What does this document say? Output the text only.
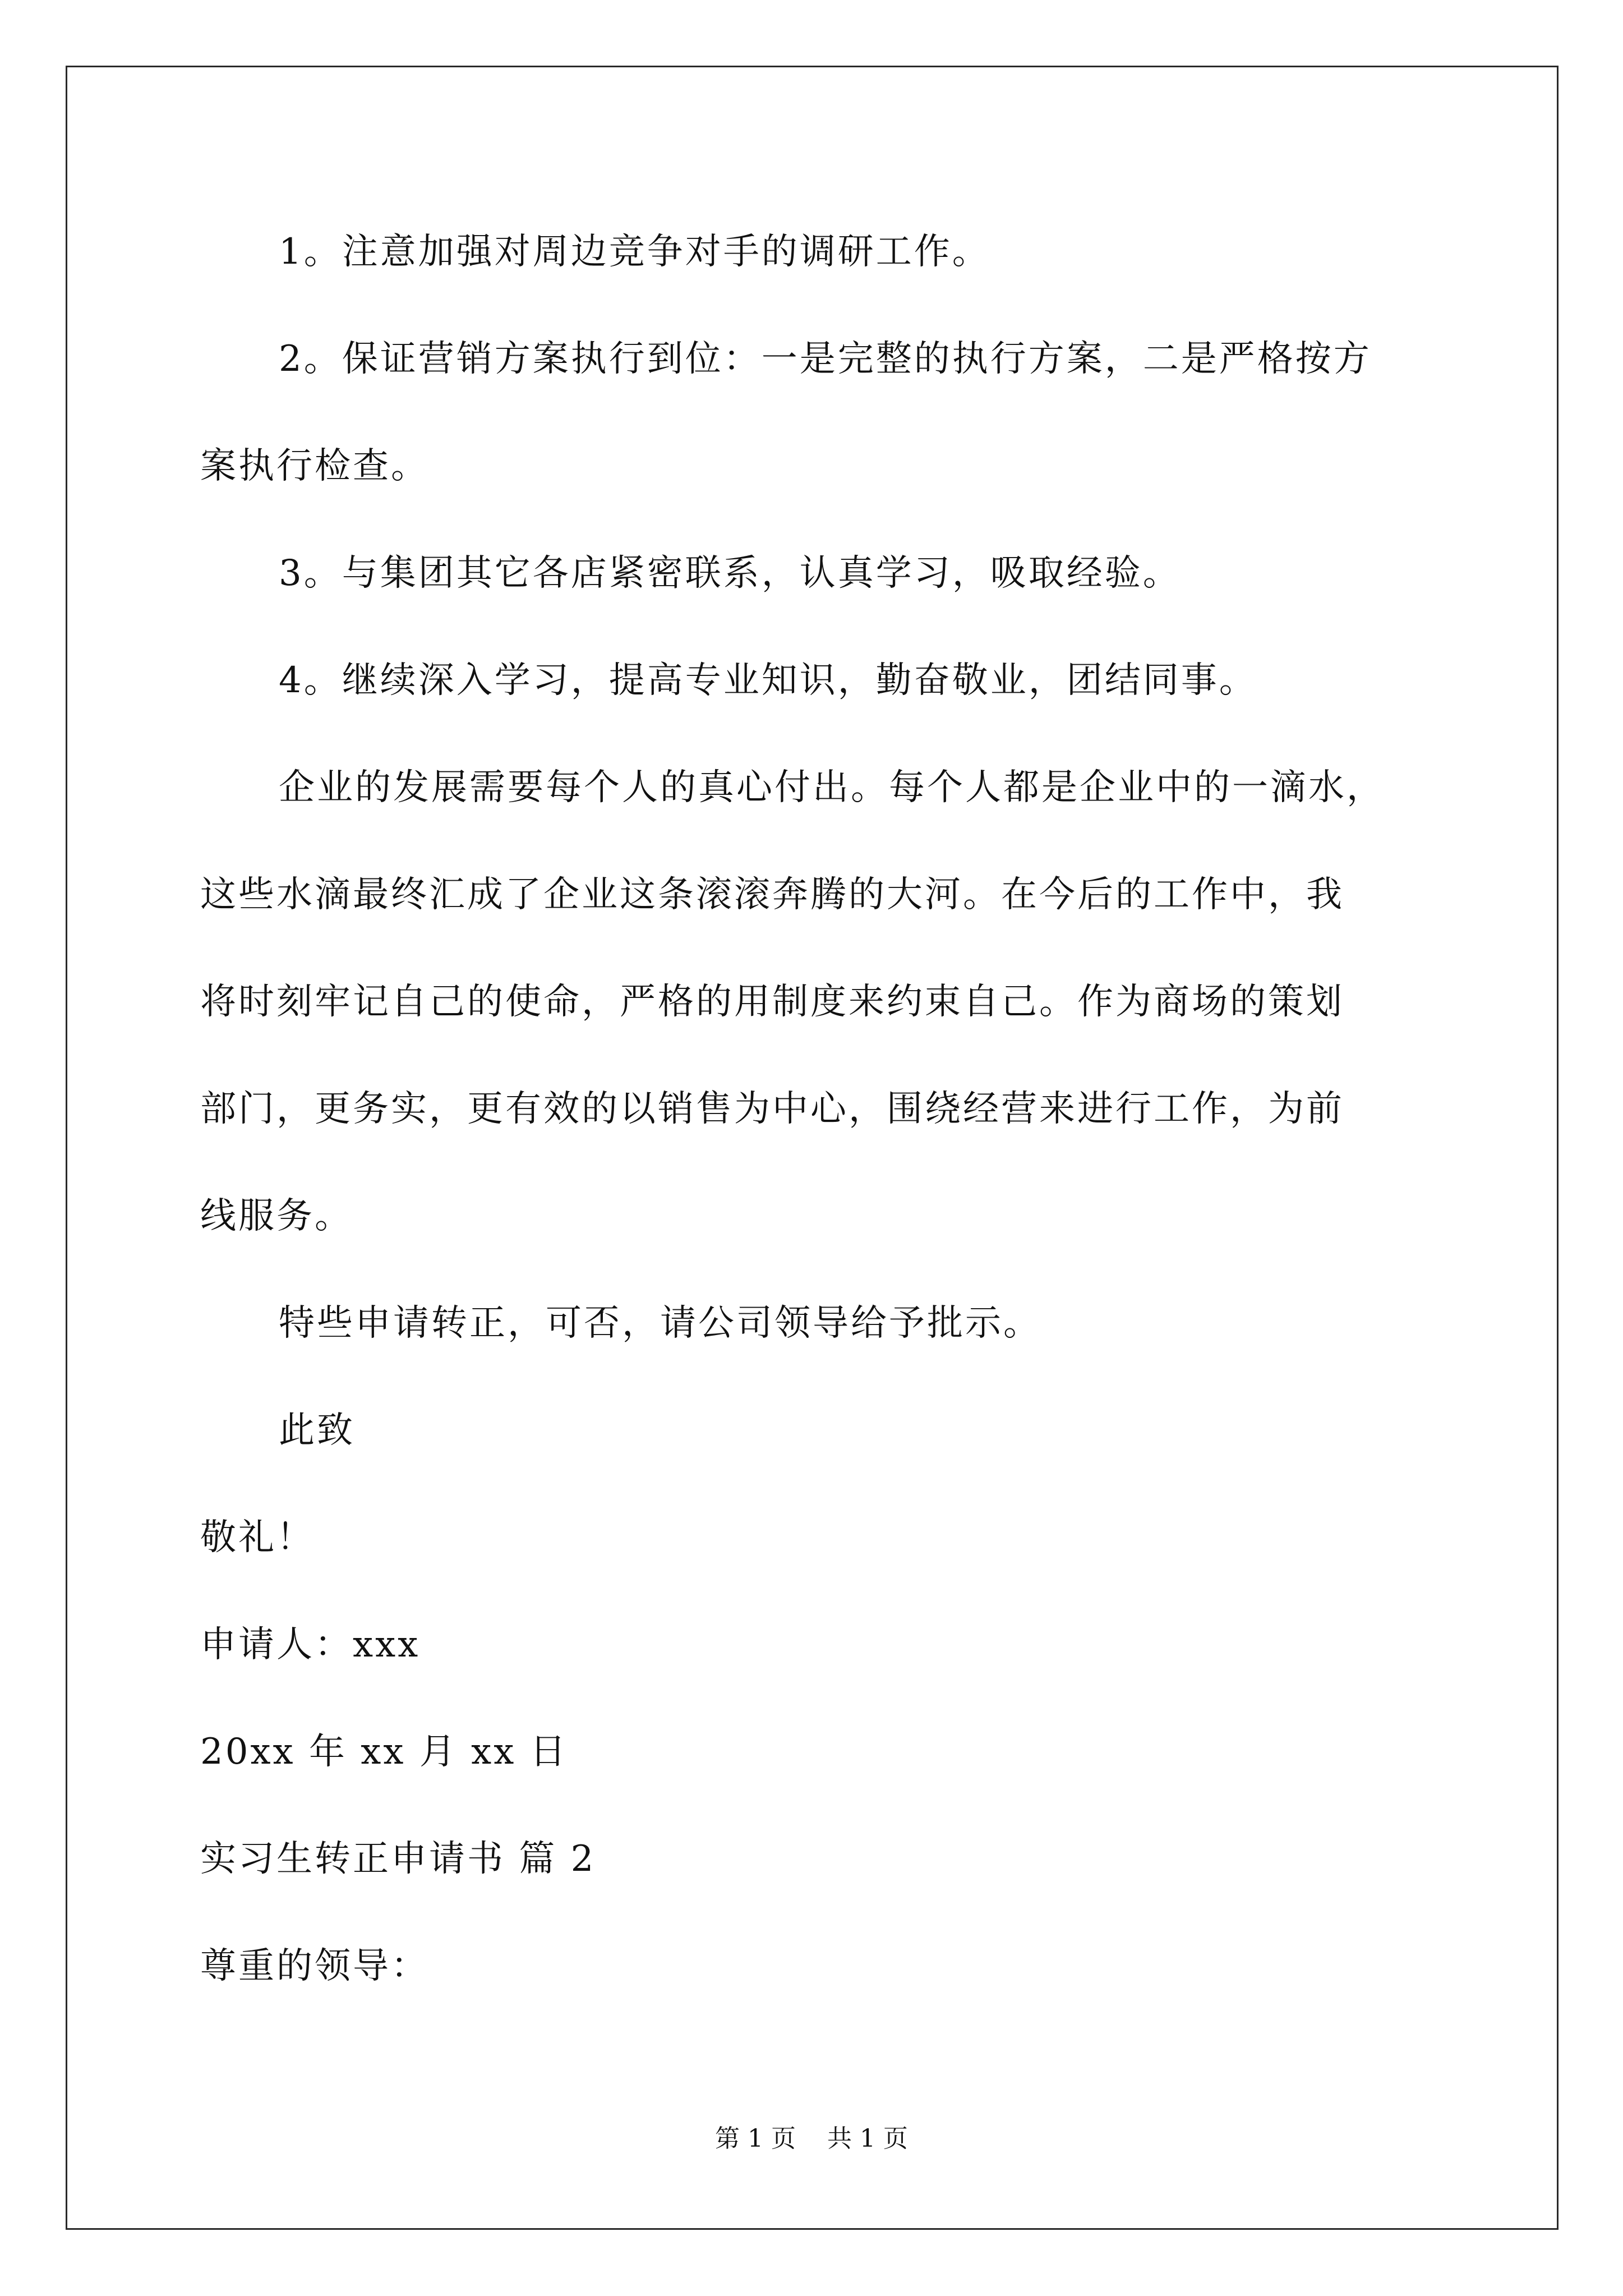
1。注意加强对周边竞争对手的调研工作。
2。保证营销方案执行到位：一是完整的执行方案，二是严格按方
案执行检查。
3。与集团其它各店紧密联系，认真学习，吸取经验。
4。继续深入学习，提高专业知识，勤奋敬业，团结同事。
企业的发展需要每个人的真心付出。每个人都是企业中的一滴水，
这些水滴最终汇成了企业这条滚滚奔腾的大河。在今后的工作中，我
将时刻牢记自己的使命，严格的用制度来约束自己。作为商场的策划
部门，更务实，更有效的以销售为中心，围绕经营来进行工作，为前
线服务。
特些申请转正，可否，请公司领导给予批示。
此致
敬礼！
申请人：xxx
20xx 年 xx 月 xx 日
实习生转正申请书 篇 2
尊重的领导：
第 1 页    共 1 页
